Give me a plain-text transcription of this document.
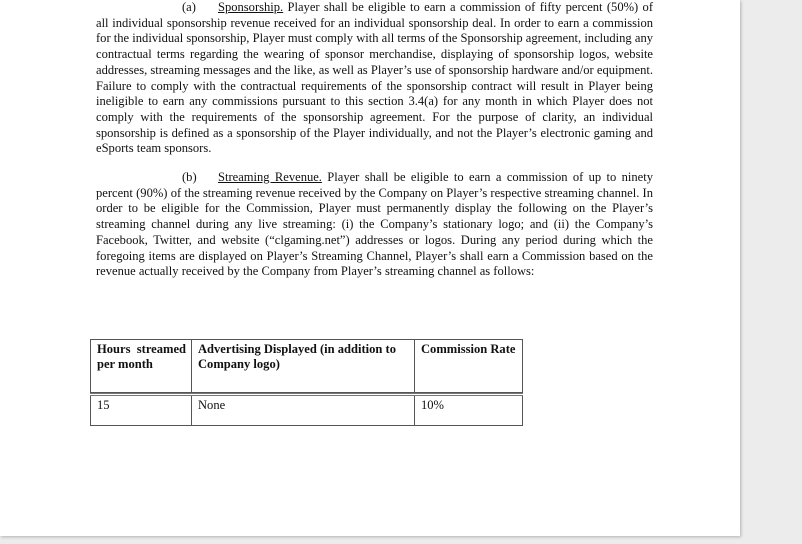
(a) Sponsorship. Player shall be eligible to earn a commission of fifty percent (50%) of all individual sponsorship revenue received for an individual sponsorship deal. In order to earn a commission for the individual sponsorship, Player must comply with all terms of the Sponsorship agreement, including any contractual terms regarding the wearing of sponsor merchandise, displaying of sponsorship logos, website addresses, streaming messages and the like, as well as Player’s use of sponsorship hardware and/or equipment. Failure to comply with the contractual requirements of the sponsorship contract will result in Player being ineligible to earn any commissions pursuant to this section 3.4(a) for any month in which Player does not comply with the requirements of the sponsorship agreement. For the purpose of clarity, an individual sponsorship is defined as a sponsorship of the Player individually, and not the Player’s electronic gaming and eSports team sponsors.

(b) Streaming Revenue. Player shall be eligible to earn a commission of up to ninety percent (90%) of the streaming revenue received by the Company on Player’s respective streaming channel. In order to be eligible for the Commission, Player must permanently display the following on the Player’s streaming channel during any live streaming: (i) the Company’s stationary logo; and (ii) the Company’s Facebook, Twitter, and website (“clgaming.net”) addresses or logos. During any period during which the foregoing items are displayed on Player’s Streaming Channel, Player’s shall earn a Commission based on the revenue actually received by the Company from Player’s streaming channel as follows:

Hours streamed per month	Advertising Displayed (in addition to Company logo)	Commission Rate

15	None	10%
